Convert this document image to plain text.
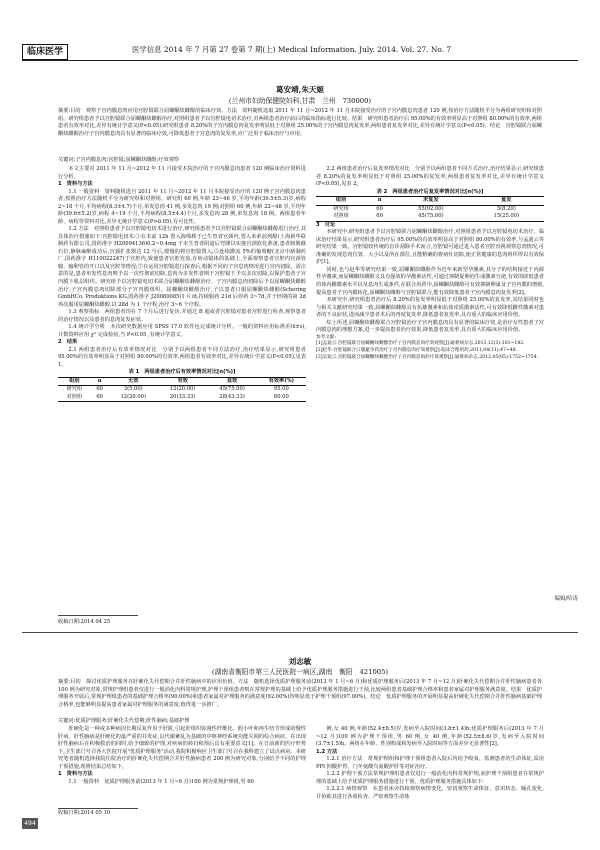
临床医学	医学信息 2014 年 7 月第 27 卷第 7 期(上) Medical Information. July. 2014. Vol. 27. No. 7
葛安靖,朱天姬
(兰州市妇幼保健院妇科,甘肃　兰州　730000)

摘要:目的　观察子宫内膜息肉应用宫腔镜联合屈螺酮炔雌醇的临床疗效。方法　资料随机选取 2011 年 11 月~2012 年 11 月本院接受治疗的子宫内膜息肉患者 120 例,按治疗方法随机平分为两组研究组和对照组。研究组患者予以宫腔镜联合屈螺酮炔雌醇治疗,对照组患者予以宫腔镜电切术治疗,对两组患者治疗前后的临床指标进行比较。结果　研究组患者治疗后 95.00%的有效率明显高于对照组 80.00%的有效率,两组患者有效率对比,差异有统计学意义(P<0.05);研究组患者 8.20%的子宫内膜息肉复发率明显低于对照组 25.00%的子宫内膜息肉复发率,两组患者复发率对比,差异有统计学意义(P<0.05)。结论　宫腔镜联合屈螺酮炔雌醇治疗子宫内膜息肉具有显著的临床疗效,可降低患者子宫息肉的复发率,应广泛用于临床治疗与应用。

关键词:子宫内膜息肉;宫腔镜;屈螺酮炔雌醇;疗效观察

本文主要对 2011 年 11 月~2012 年 11 月接受本院治疗的子宫内膜息肉患者 120 例临床治疗资料进行分析。

1　资料与方法

1.1 一般资料　资料随机选自 2011 年 11 月~2012 年 11 月本院接受治疗的 120 例子宫内膜息肉患者,按照治疗方法随机平分为研究组和对照组。研究组 60 例,年龄 23~46 岁,平均年龄(39.5±5.3)岁,病程 2~18 个月,平均病程(8.3±4.7)个月,单发息肉 41 例,多发息肉 19 例;对照组 60 例,年龄 22~48 岁,平均年龄(39.6±5.2)岁,病程 4~19 个月,平均病程(8.5±4.4)个月,多发息肉 28 例,单发息肉 18 例。两组患者年龄、病程等资料对比,差异无统计学意义(P>0.05),有可比性。

1.2 方法　对照组患者予以宫腔镜电切术进行治疗,研究组患者予以宫腔镜联合屈螺酮炔雌醇进行治疗,其具体治疗措施如下:宫腔镜电切术:①在术前 12h 置入海绵棒于已生育者宫颈内,置入米索前列醇(上海新华联制药有限公司,国药准字 H20094136)0.2~0.4mg 于未生育者阴道后穹隆以实施宫颈软化准备,患者膀胱截石位,静脉麻醉成功后,宫颈扩张器达 12 号后,缓慢的将宫腔镜置入;⑤连续灌流 5%的葡萄糖(北京中新制药厂,国药准字 H110022247)于宫腔内,致使患者宫腔充盈,在转动镜体的基础上,全面观察患者宫腔内宫颈管腺、输卵管的开口以及宫腔等情况;⑦在运用宫腔镜进行探查后,根据不同的子宫息肉情况进行宫内切除。需注意的是,患者单发性息肉则予以一次性彻底切除,息肉为多发性者则于宫腔镜下予以多次切除,以保护患者子宫内膜下肌层组织。研究组予以宫腔镜电切术联合屈螺酮炔雌醇治疗。子宫内膜息肉切除后予以屈螺酮炔雌醇治疗,子宫内膜息肉切除部分子宫内膜组织。屈螺酮炔雌醇治疗,子以患者口服屈螺酮炔雌醇(Schering GmbHCo. Produktions KG,国药准字 J20080085)1 片/d,持续服药 21d 后停药 3~7d,并于经期的第 2d 再次服用屈螺酮炔雌醇,以 28d 为 1 个疗程,治疗 3~6 个疗程。

1.3 观察指标　两组患者均在 7 个月后进行复诊,并通过 B 超或者宫腔镜对患者宫腔进行检查,观察患者的治疗情况以及患者的息肉复发症状。

1.4 统计学分析　本次研究数据应用 SPSS 17.0 软件包完成统计分析。一般的资料应用标准差(x̄±s),计数资料应用 χ² 完成检验,当 P<0.05 ,有统计学意义。

2　结果

2.1 两组患者治疗后有效率情况对比　分别予以两组患者不同方法治疗,治疗结果显示,研究组患者 95.00%的有效率明显高于对照组 80.00%的有效率,两组患者有效率对比,差异有统计学意义(P<0.05),见表 1。

表 1　两组患者治疗后有效率情况对比[n(%)]
组别	n	无效	有效	显效	有效率(%)
研究组	60	3(5.00)	12(20.00)	45(75.00)	95.00
对照组	60	12(20.00)	20(33.33)	28(43.33)	80.00
收稿日期:2014 04 25

2.2 两组患者治疗后复发率情况对比　分别予以两组患者不同方式治疗,治疗结果显示,研究组患者 8.20%的复发率明显低于对照组 25.00%的复发率,两组患者复发率对比,差异有统计学意义(P<0.05),见表 2。

表 2　两组患者治疗后复发率情况对比[n(%)]
组别	n	未复发	复发
研究组	60	55(92.00)	5(8.20)
对照组	60	45(75.00)	15(25.00)

3　讨论

本研究中,研究组患者予以宫腔镜联合屈螺酮炔雌醇治疗,对照组患者予以宫腔镜电切术治疗。临床治疗结果显示,研究组患者治疗后 95.00%的有效率明显高于对照组 80.00%的有效率,与孟迪云等研究结果一致。宫腔镜较传统的盲诊刮除手术而言,宫腔镜可通过进入患者宫腔直视观察息肉情况,可准确的发现息肉位置、大小以及所在部位,且能精确的将病灶切除,使正常健康的息肉组织得以有效保护[1]。

同时,也与赵华等研究结果一致,屈螺酮炔雌醇作为近年来新型孕激素,具分子的结构接近于内源性孕激素,而屈螺酮炔雌醇又具有强效的孕激素活性,可通过抑制促卵泡生成激素分泌,有效的降低患者的体内雌激素水平以及息肉生成条件,在联合用药中,屈螺酮炔雌醇可有效抑制卵巢及子宫内膜的增殖,提高患者子宫内膜转化,屈螺酮炔雌醇与宫腔镜联合,能有效降低患者子宫内膜息肉复发率[2]。

本研究中,研究组患者治疗后 8.20%的复发率明显低于对照组 25.00%的复发率,其结果同时也与相关文献研究结果一致,屈螺酮炔雌醇具有抗雄激素和抗盐皮质激素活性,可有效降低雌性激素对患者的不良症状,进而减少患者术后的再度复发率,降低患者复发率,具有重大的临床应用价值。

综上所述,屈螺酮炔雌醇联合宫腔镜治疗子宫内膜息肉具有显著的临床疗效,是治疗女性患者子宫内膜息肉的理想方案,进一步提高患者治疗效果,降低患者复发率,具有重大的临床应用价值。

参考文献:

[1]孟迪云.宫腔镜联合屈螺酮炔雌醇治疗子宫内膜息肉疗效观察[J].疑难病杂志,2013,12(3):181~182.

[2]赵华.宫腔镜联合口服避孕药治疗子宫内膜息肉疗效观察[J].临床合理用药,2011,04(11):47~48.

[3]吴迪云.宫腔镜联合屈螺酮炔雌醇治疗子宫内膜息肉的疗效观察[J].疑难病杂志,2012,05(05):1752~1754.

编辑/哈涛
刘志敏
(湖南省衡阳市第三人民医院一病区,湖南　衡阳　421005)

摘要:目的　探讨优质护理服务在肝硬化失代偿期合并肝性脑病中的应用价值。方法　随机选择优质护理服务前(2013 年 1 月~6 月)和优质护理服务后(2013 年 7 月~12 月)肝硬化失代偿期合并肝性脑病患者各 100 例为研究对象,常规护理组患者仅进行一般消化内科常规护理,护理干预组患者则在常规护理的基础上给予优质护理服务措施进行干预,比较两组患者基础护理合格率和患者家属对护理服务满意度。结果　优质护理服务开展后,常规护理组患者的基础护理合格率(90.00%)和患者家属对护理服务的满意度(92.00%)均明显低于护理干预组(97.00%)。结论　优质护理服务的开展明显提高肝硬化失代偿期合并肝性脑病基础护理合格率,也能够明显提高患者家属对护理服务的满意度,值得进一步推广。

关键词:优质护理服务;肝硬化失代偿期;肝性脑病;基础护理

肝硬化是一种或多种病因长期反复作用于肝脏,引起肝组织弥漫性纤维化、假小叶和再生结节形成的慢性肝病。肝性脑病是肝硬化的最严重的并发症,以代谢紊乱为基础的中枢神经系统功能失调的综合病症。在出现肝性脑病后在积极救治的同时,给予细致的护理,对疾病的转归和预后具有重要意义[1]。在日前新的医疗形势下,卫生部门号召各大医院开展"优质护理服务"活动,我院积极响应卫生部门号召在我科建立了试点病房。本研究笔者随机选择我院住院治疗的肝硬化失代偿期合并肝性脑病患者 200 例为研究对象,分别给予不同的护理干预措施,现将结果总结如下。

1　资料与方法

1.1 一般资料　优质护理服务前(2013 年 1 月~6 月)100 例为常规护理组,男 60

收稿日期:2014 05 10

例,女 40 例,年龄(52.4±8.5)岁,发病至入院时间(3.8±1.4)h;优质护理服务后(2013 年 7 月~12 月)100 例为护理干预组,男 60 例,女 40 例,年龄(52.5±8.6)岁,发病至入院时间(3.7±1.5)h。两组在年龄、性别构成和发病至入院时间等方面差异无显著性[2]。

1.2 方法

1.2.1 治疗方法　常规护理组和护理干预组患者入院后均给予吸氧、监测患者的生命体征,采用 PPI 抑酸护胃、门冬氨酸鸟氨酸护肝等对症治疗。

1.2.2 护理干预方法常规护理组患者仅进行一般消化内科常规护理,而护理干预组患者在常规护理的基础上给予优质护理服务措施进行干预。优质护理服务措施具体如下:

1.2.2.1 病情观察　在患者床旁持续观察病情变化、密切观察生命体征、意识状态、瞳孔变化,并协助其进行各项检查、严密观察生命体

494
